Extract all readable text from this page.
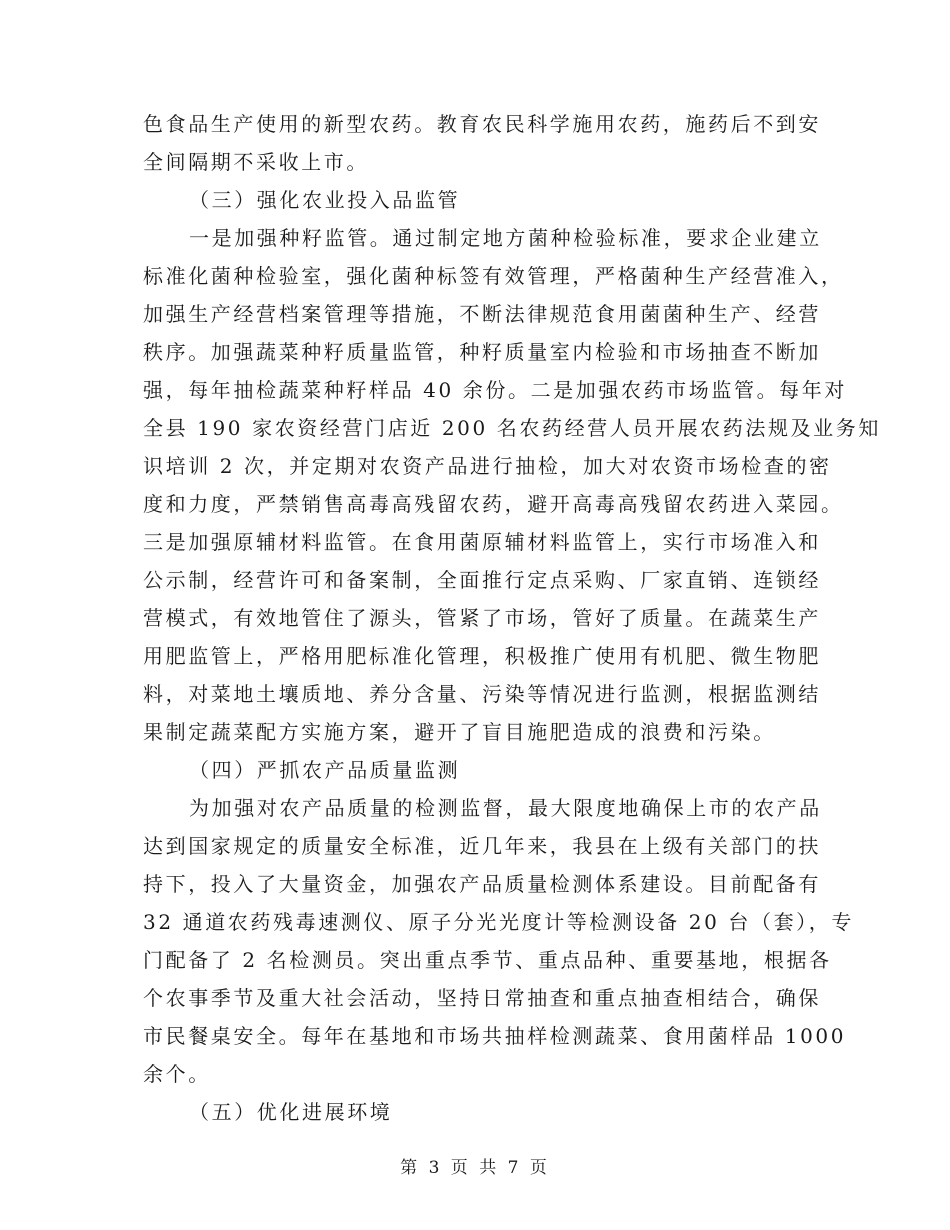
色食品生产使用的新型农药。教育农民科学施用农药，施药后不到安
全间隔期不采收上市。
（三）强化农业投入品监管
一是加强种籽监管。通过制定地方菌种检验标准，要求企业建立
标准化菌种检验室，强化菌种标签有效管理，严格菌种生产经营准入，
加强生产经营档案管理等措施，不断法律规范食用菌菌种生产、经营
秩序。加强蔬菜种籽质量监管，种籽质量室内检验和市场抽查不断加
强，每年抽检蔬菜种籽样品 40 余份。二是加强农药市场监管。每年对
全县 190 家农资经营门店近 200 名农药经营人员开展农药法规及业务知
识培训 2 次，并定期对农资产品进行抽检，加大对农资市场检查的密
度和力度，严禁销售高毒高残留农药，避开高毒高残留农药进入菜园。
三是加强原辅材料监管。在食用菌原辅材料监管上，实行市场准入和
公示制，经营许可和备案制，全面推行定点采购、厂家直销、连锁经
营模式，有效地管住了源头，管紧了市场，管好了质量。在蔬菜生产
用肥监管上，严格用肥标准化管理，积极推广使用有机肥、微生物肥
料，对菜地土壤质地、养分含量、污染等情况进行监测，根据监测结
果制定蔬菜配方实施方案，避开了盲目施肥造成的浪费和污染。
（四）严抓农产品质量监测
为加强对农产品质量的检测监督，最大限度地确保上市的农产品
达到国家规定的质量安全标准，近几年来，我县在上级有关部门的扶
持下，投入了大量资金，加强农产品质量检测体系建设。目前配备有
32 通道农药残毒速测仪、原子分光光度计等检测设备 20 台（套），专
门配备了 2 名检测员。突出重点季节、重点品种、重要基地，根据各
个农事季节及重大社会活动，坚持日常抽查和重点抽查相结合，确保
市民餐桌安全。每年在基地和市场共抽样检测蔬菜、食用菌样品 1000
余个。
（五）优化进展环境
第 3 页 共 7 页
